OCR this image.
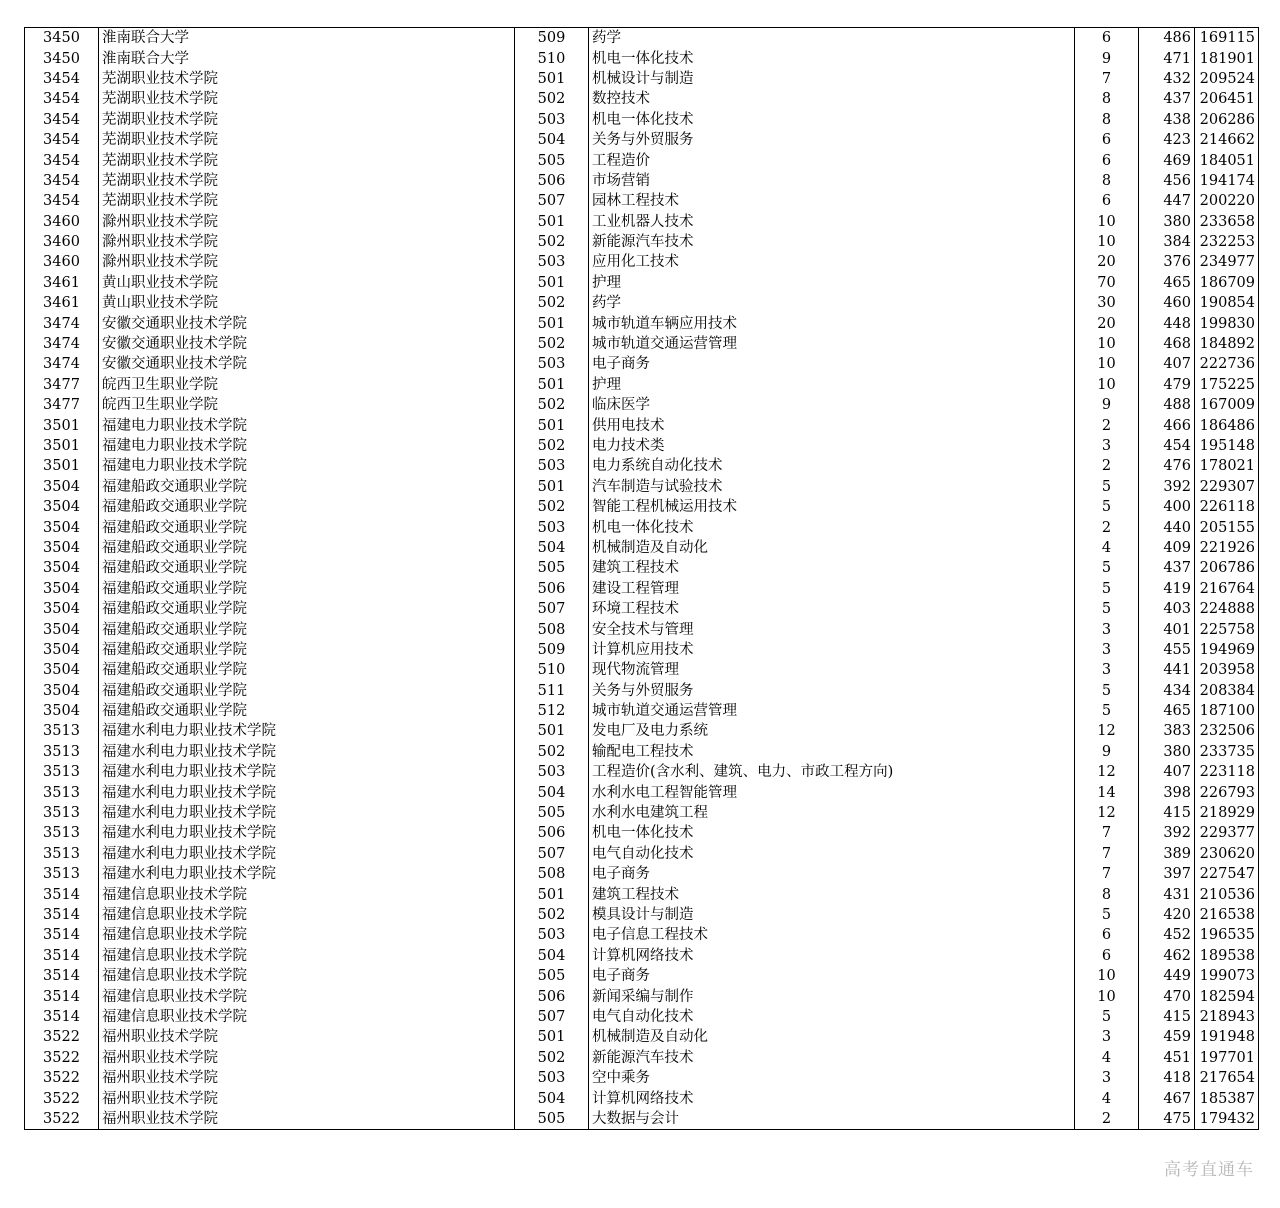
3450	淮南联合大学	509	药学	6	486	169115
3450	淮南联合大学	510	机电一体化技术	9	471	181901
3454	芜湖职业技术学院	501	机械设计与制造	7	432	209524
3454	芜湖职业技术学院	502	数控技术	8	437	206451
3454	芜湖职业技术学院	503	机电一体化技术	8	438	206286
3454	芜湖职业技术学院	504	关务与外贸服务	6	423	214662
3454	芜湖职业技术学院	505	工程造价	6	469	184051
3454	芜湖职业技术学院	506	市场营销	8	456	194174
3454	芜湖职业技术学院	507	园林工程技术	6	447	200220
3460	滁州职业技术学院	501	工业机器人技术	10	380	233658
3460	滁州职业技术学院	502	新能源汽车技术	10	384	232253
3460	滁州职业技术学院	503	应用化工技术	20	376	234977
3461	黄山职业技术学院	501	护理	70	465	186709
3461	黄山职业技术学院	502	药学	30	460	190854
3474	安徽交通职业技术学院	501	城市轨道车辆应用技术	20	448	199830
3474	安徽交通职业技术学院	502	城市轨道交通运营管理	10	468	184892
3474	安徽交通职业技术学院	503	电子商务	10	407	222736
3477	皖西卫生职业学院	501	护理	10	479	175225
3477	皖西卫生职业学院	502	临床医学	9	488	167009
3501	福建电力职业技术学院	501	供用电技术	2	466	186486
3501	福建电力职业技术学院	502	电力技术类	3	454	195148
3501	福建电力职业技术学院	503	电力系统自动化技术	2	476	178021
3504	福建船政交通职业学院	501	汽车制造与试验技术	5	392	229307
3504	福建船政交通职业学院	502	智能工程机械运用技术	5	400	226118
3504	福建船政交通职业学院	503	机电一体化技术	2	440	205155
3504	福建船政交通职业学院	504	机械制造及自动化	4	409	221926
3504	福建船政交通职业学院	505	建筑工程技术	5	437	206786
3504	福建船政交通职业学院	506	建设工程管理	5	419	216764
3504	福建船政交通职业学院	507	环境工程技术	5	403	224888
3504	福建船政交通职业学院	508	安全技术与管理	3	401	225758
3504	福建船政交通职业学院	509	计算机应用技术	3	455	194969
3504	福建船政交通职业学院	510	现代物流管理	3	441	203958
3504	福建船政交通职业学院	511	关务与外贸服务	5	434	208384
3504	福建船政交通职业学院	512	城市轨道交通运营管理	5	465	187100
3513	福建水利电力职业技术学院	501	发电厂及电力系统	12	383	232506
3513	福建水利电力职业技术学院	502	输配电工程技术	9	380	233735
3513	福建水利电力职业技术学院	503	工程造价(含水利、建筑、电力、市政工程方向)	12	407	223118
3513	福建水利电力职业技术学院	504	水利水电工程智能管理	14	398	226793
3513	福建水利电力职业技术学院	505	水利水电建筑工程	12	415	218929
3513	福建水利电力职业技术学院	506	机电一体化技术	7	392	229377
3513	福建水利电力职业技术学院	507	电气自动化技术	7	389	230620
3513	福建水利电力职业技术学院	508	电子商务	7	397	227547
3514	福建信息职业技术学院	501	建筑工程技术	8	431	210536
3514	福建信息职业技术学院	502	模具设计与制造	5	420	216538
3514	福建信息职业技术学院	503	电子信息工程技术	6	452	196535
3514	福建信息职业技术学院	504	计算机网络技术	6	462	189538
3514	福建信息职业技术学院	505	电子商务	10	449	199073
3514	福建信息职业技术学院	506	新闻采编与制作	10	470	182594
3514	福建信息职业技术学院	507	电气自动化技术	5	415	218943
3522	福州职业技术学院	501	机械制造及自动化	3	459	191948
3522	福州职业技术学院	502	新能源汽车技术	4	451	197701
3522	福州职业技术学院	503	空中乘务	3	418	217654
3522	福州职业技术学院	504	计算机网络技术	4	467	185387
3522	福州职业技术学院	505	大数据与会计	2	475	179432
高考直通车
